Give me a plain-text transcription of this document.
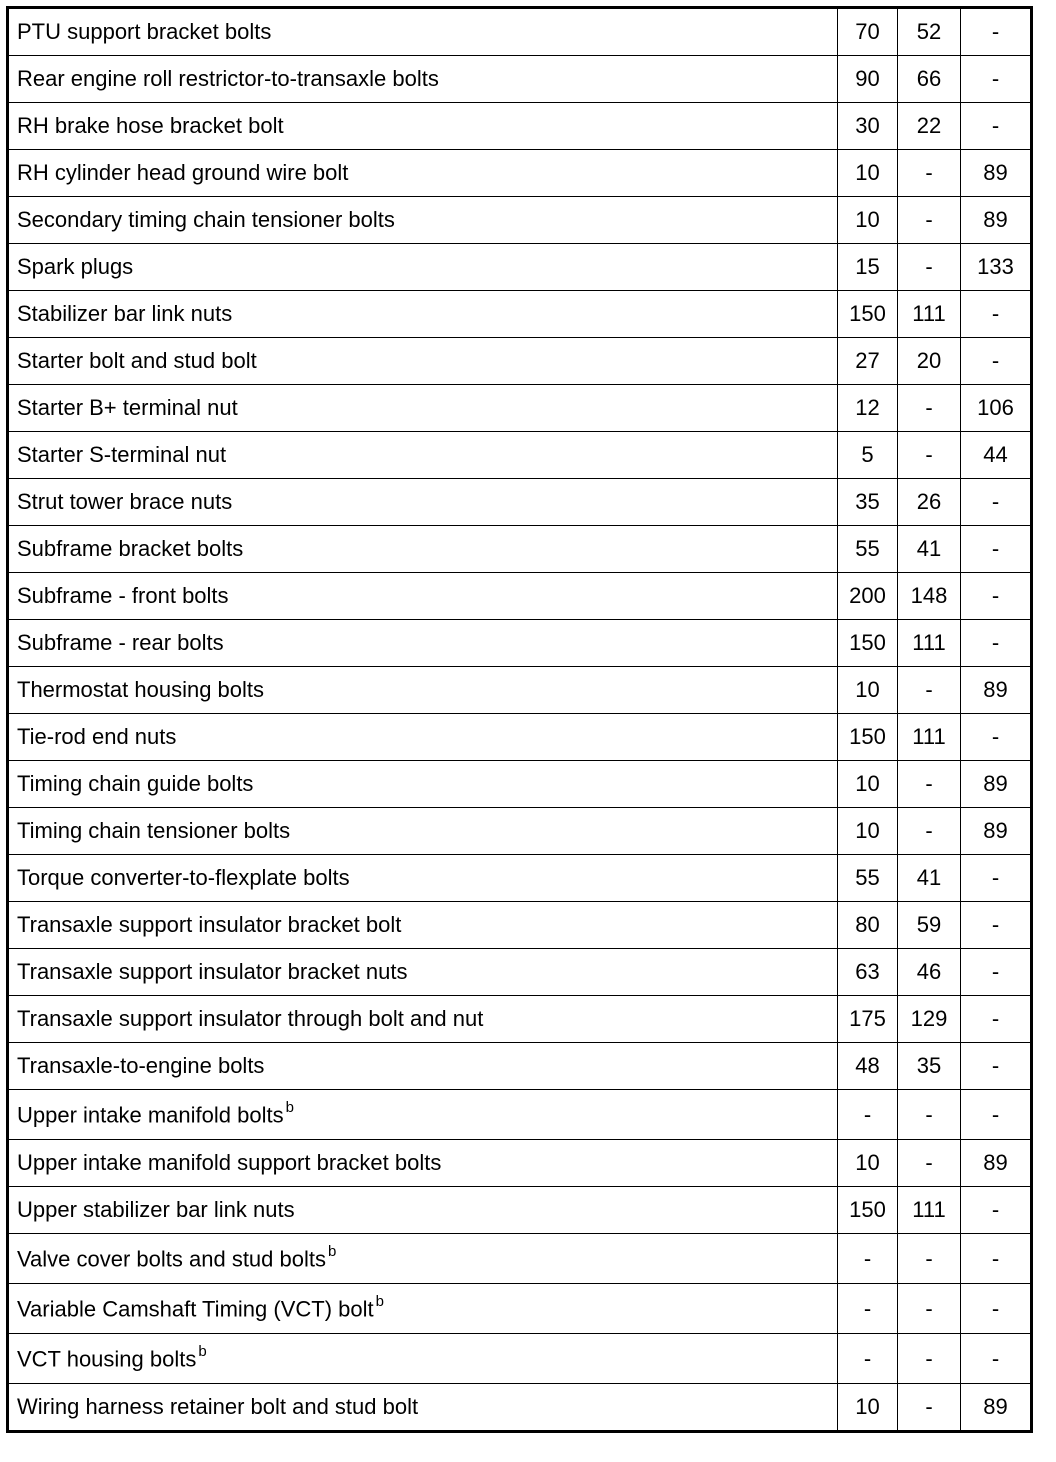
PTU support bracket bolts	70	52	-
Rear engine roll restrictor-to-transaxle bolts	90	66	-
RH brake hose bracket bolt	30	22	-
RH cylinder head ground wire bolt	10	-	89
Secondary timing chain tensioner bolts	10	-	89
Spark plugs	15	-	133
Stabilizer bar link nuts	150	111	-
Starter bolt and stud bolt	27	20	-
Starter B+ terminal nut	12	-	106
Starter S-terminal nut	5	-	44
Strut tower brace nuts	35	26	-
Subframe bracket bolts	55	41	-
Subframe - front bolts	200	148	-
Subframe - rear bolts	150	111	-
Thermostat housing bolts	10	-	89
Tie-rod end nuts	150	111	-
Timing chain guide bolts	10	-	89
Timing chain tensioner bolts	10	-	89
Torque converter-to-flexplate bolts	55	41	-
Transaxle support insulator bracket bolt	80	59	-
Transaxle support insulator bracket nuts	63	46	-
Transaxle support insulator through bolt and nut	175	129	-
Transaxle-to-engine bolts	48	35	-
Upper intake manifold bolts $^b$	-	-	-
Upper intake manifold support bracket bolts	10	-	89
Upper stabilizer bar link nuts	150	111	-
Valve cover bolts and stud bolts $^b$	-	-	-
Variable Camshaft Timing (VCT) bolt $^b$	-	-	-
VCT housing bolts $^b$	-	-	-
Wiring harness retainer bolt and stud bolt	10	-	89
